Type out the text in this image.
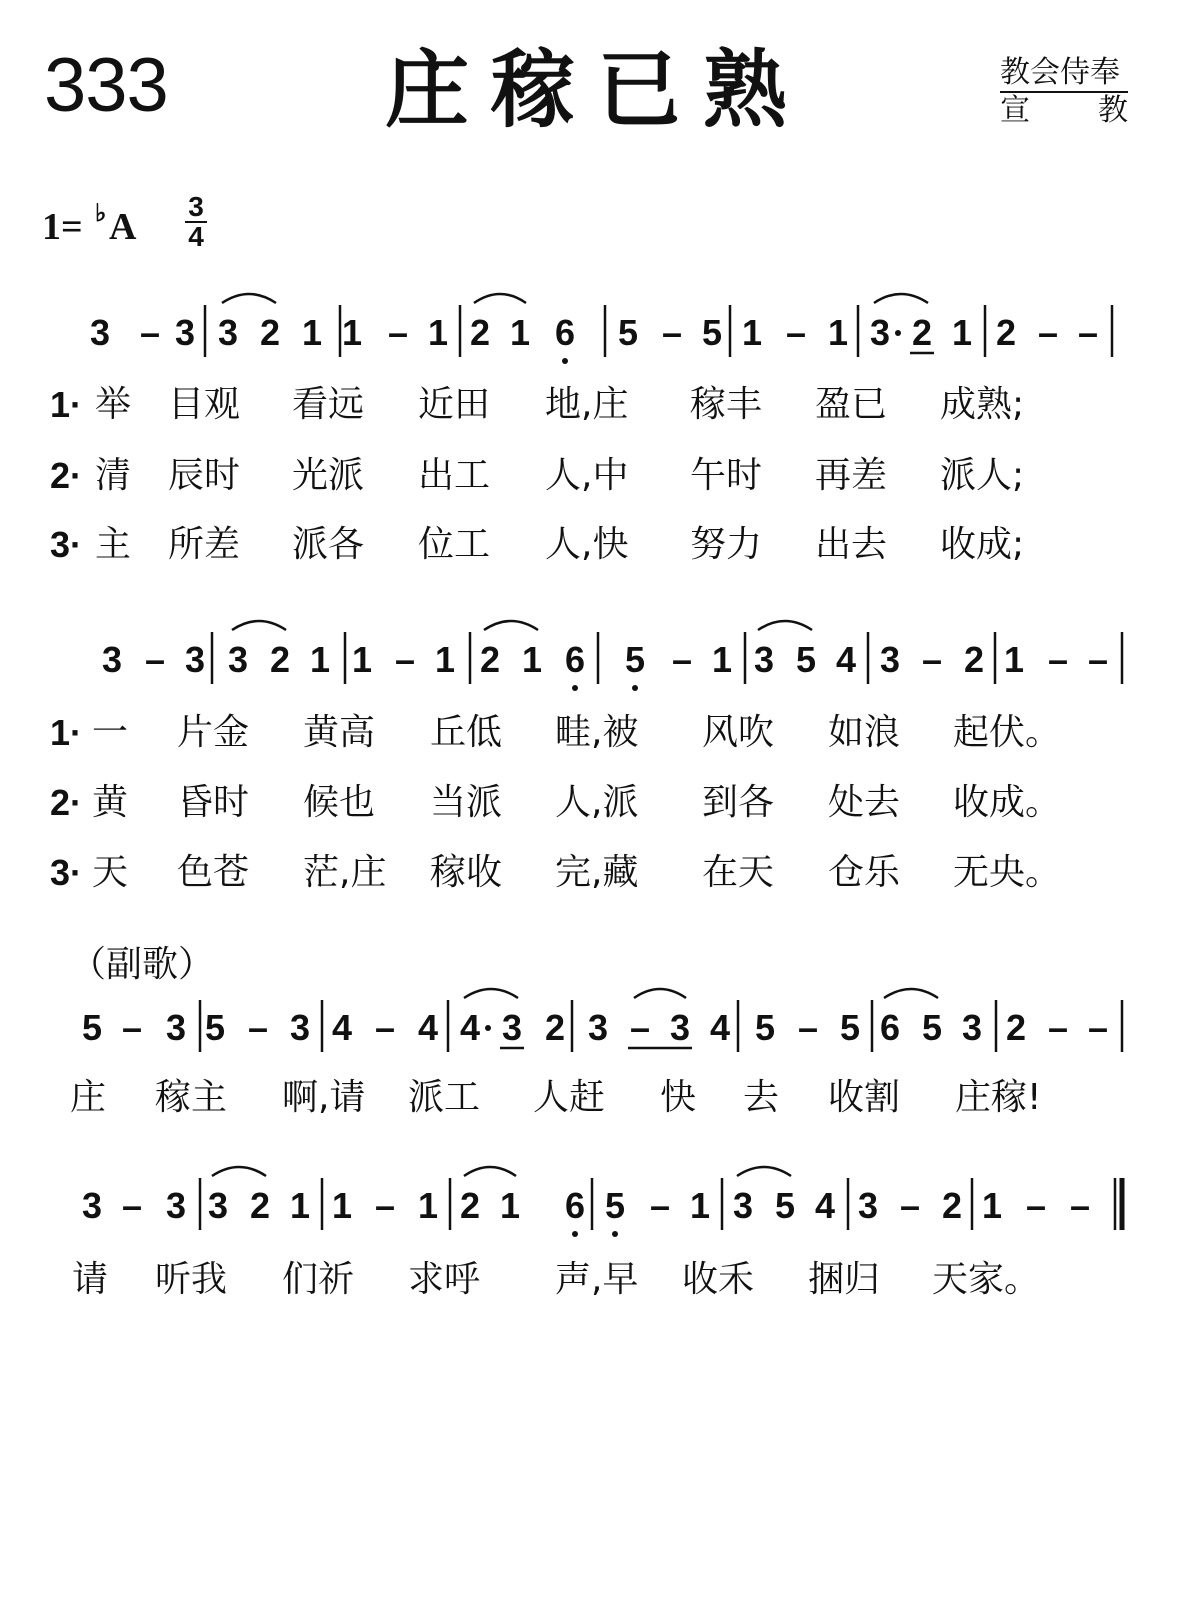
333	庄稼已熟	教会侍奉
宣 教
1= ♭ A 3
4
（副歌）
3 – 3 3 2 1 1 – 1 2 1 6 5 – 5 1 – 1 3 2 1 2 – –
3 – 3 3 2 1 1 – 1 2 1 6 5 – 1 3 5 4 3 – 2 1 – –
5 – 3 5 – 3 4 – 4 4 3 2 3 – 3 4 5 – 5 6 5 3 2 – –
3 – 3 3 2 1 1 – 1 2 1 6 5 – 1 3 5 4 3 – 2 1 – –
1· 举 目观 看远 近田 地,庄 稼丰 盈已 成熟;
2· 清 辰时 光派 出工 人,中 午时 再差 派人;
3· 主 所差 派各 位工 人,快 努力 出去 收成;
1· 一 片金 黄高 丘低 畦,被 风吹 如浪 起伏。
2· 黄 昏时 候也 当派 人,派 到各 处去 收成。
3· 天 色苍 茫,庄 稼收 完,藏 在天 仓乐 无央。
庄 稼主 啊,请 派工 人赶 快 去 收割 庄稼!
请 听我 们祈 求呼 声,早 收禾 捆归 天家。
